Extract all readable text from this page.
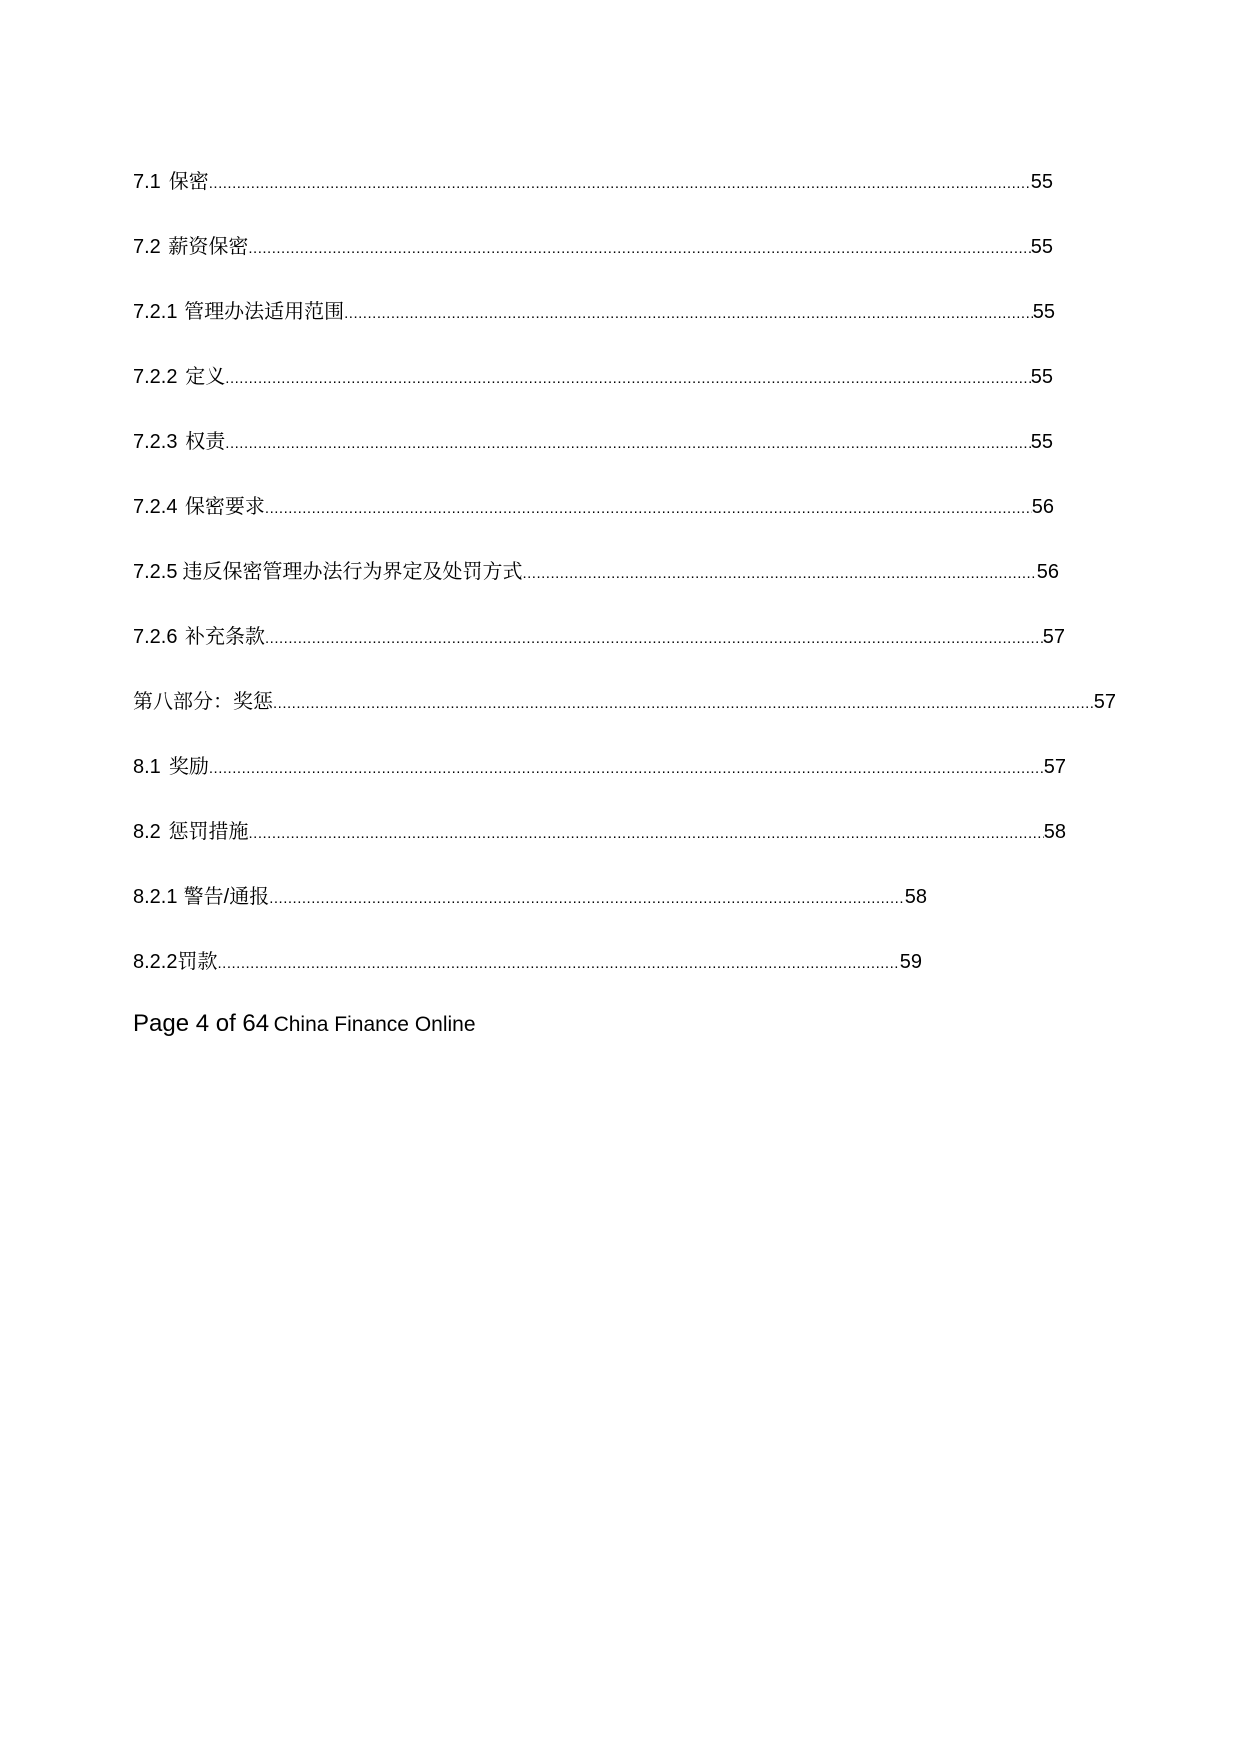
7.1 保密 .....	55
7.2 薪资保密 .....	55
7.2.1 管理办法适用范围 .....	55
7.2.2 定义 .....	55
7.2.3 权责 .....	55
7.2.4 保密要求 .....	56
7.2.5 违反保密管理办法行为界定及处罚方式 .....	56
7.2.6 补充条款 .....	57
第八部分：奖惩 .....	57
8.1 奖励 .....	57
8.2 惩罚措施 .....	58
8.2.1 警告/通报 .....	58
8.2.2 罚款 .....	59
Page 4 of 64 China Finance Online
